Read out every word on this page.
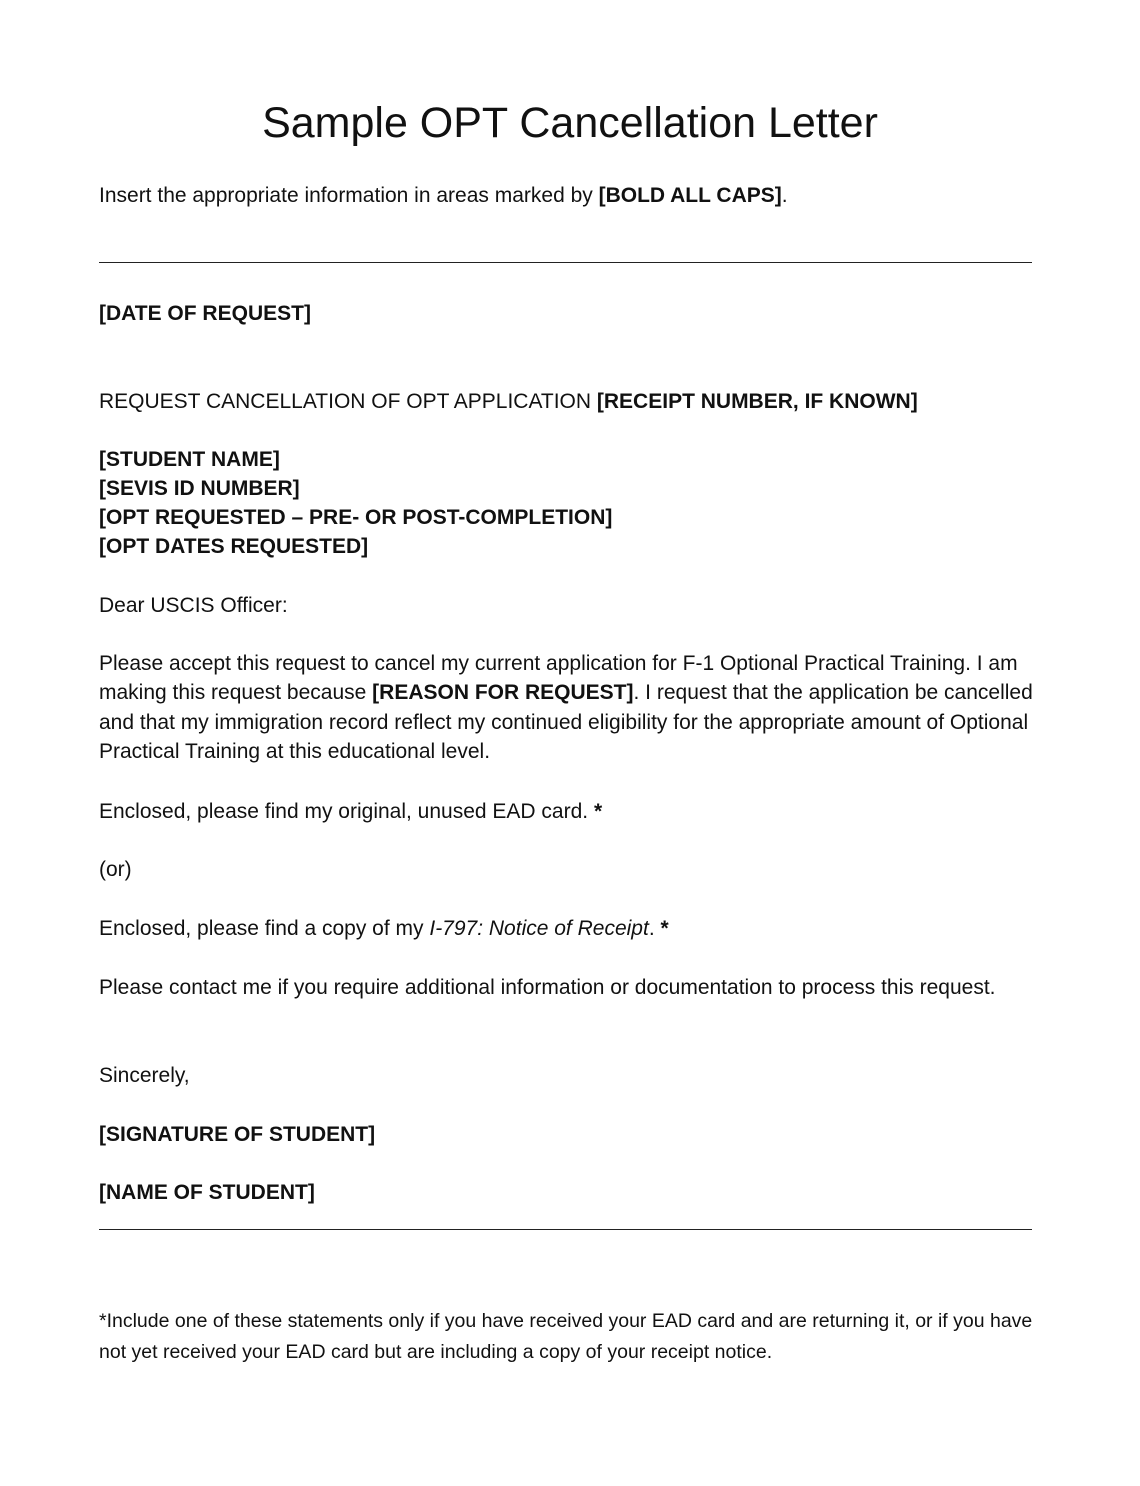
Sample OPT Cancellation Letter
Insert the appropriate information in areas marked by [BOLD ALL CAPS].
[DATE OF REQUEST]
REQUEST CANCELLATION OF OPT APPLICATION [RECEIPT NUMBER, IF KNOWN]
[STUDENT NAME]
[SEVIS ID NUMBER]
[OPT REQUESTED – PRE- OR POST-COMPLETION]
[OPT DATES REQUESTED]
Dear USCIS Officer:
Please accept this request to cancel my current application for F-1 Optional Practical Training. I am making this request because [REASON FOR REQUEST]. I request that the application be cancelled and that my immigration record reflect my continued eligibility for the appropriate amount of Optional Practical Training at this educational level.
Enclosed, please find my original, unused EAD card. *
(or)
Enclosed, please find a copy of my I-797: Notice of Receipt. *
Please contact me if you require additional information or documentation to process this request.
Sincerely,
[SIGNATURE OF STUDENT]
[NAME OF STUDENT]
*Include one of these statements only if you have received your EAD card and are returning it, or if you have not yet received your EAD card but are including a copy of your receipt notice.
